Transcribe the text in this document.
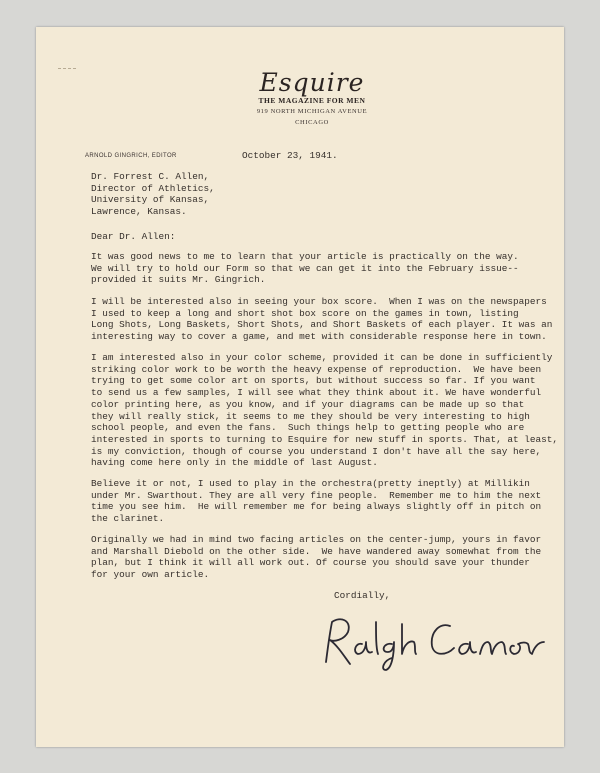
Esquire
THE MAGAZINE FOR MEN
919 NORTH MICHIGAN AVENUE
CHICAGO
ARNOLD GINGRICH, EDITOR	October 23, 1941.
Dr. Forrest C. Allen,
Director of Athletics,
University of Kansas,
Lawrence, Kansas.
Dear Dr. Allen:
It was good news to me to learn that your article is practically on the way.
We will try to hold our Form so that we can get it into the February issue--
provided it suits Mr. Gingrich.
I will be interested also in seeing your box score.  When I was on the newspapers
I used to keep a long and short shot box score on the games in town, listing
Long Shots, Long Baskets, Short Shots, and Short Baskets of each player. It was an
interesting way to cover a game, and met with considerable response here in town.
I am interested also in your color scheme, provided it can be done in sufficiently
striking color work to be worth the heavy expense of reproduction.  We have been
trying to get some color art on sports, but without success so far. If you want
to send us a few samples, I will see what they think about it. We have wonderful
color printing here, as you know, and if your diagrams can be made up so that
they will really stick, it seems to me they should be very interesting to high
school people, and even the fans.  Such things help to getting people who are
interested in sports to turning to Esquire for new stuff in sports. That, at least,
is my conviction, though of course you understand I don't have all the say here,
having come here only in the middle of last August.
Believe it or not, I used to play in the orchestra(pretty ineptly) at Millikin
under Mr. Swarthout. They are all very fine people.  Remember me to him the next
time you see him.  He will remember me for being always slightly off in pitch on
the clarinet.
Originally we had in mind two facing articles on the center-jump, yours in favor
and Marshall Diebold on the other side.  We have wandered away somewhat from the
plan, but I think it will all work out. Of course you should save your thunder
for your own article.
Cordially,
